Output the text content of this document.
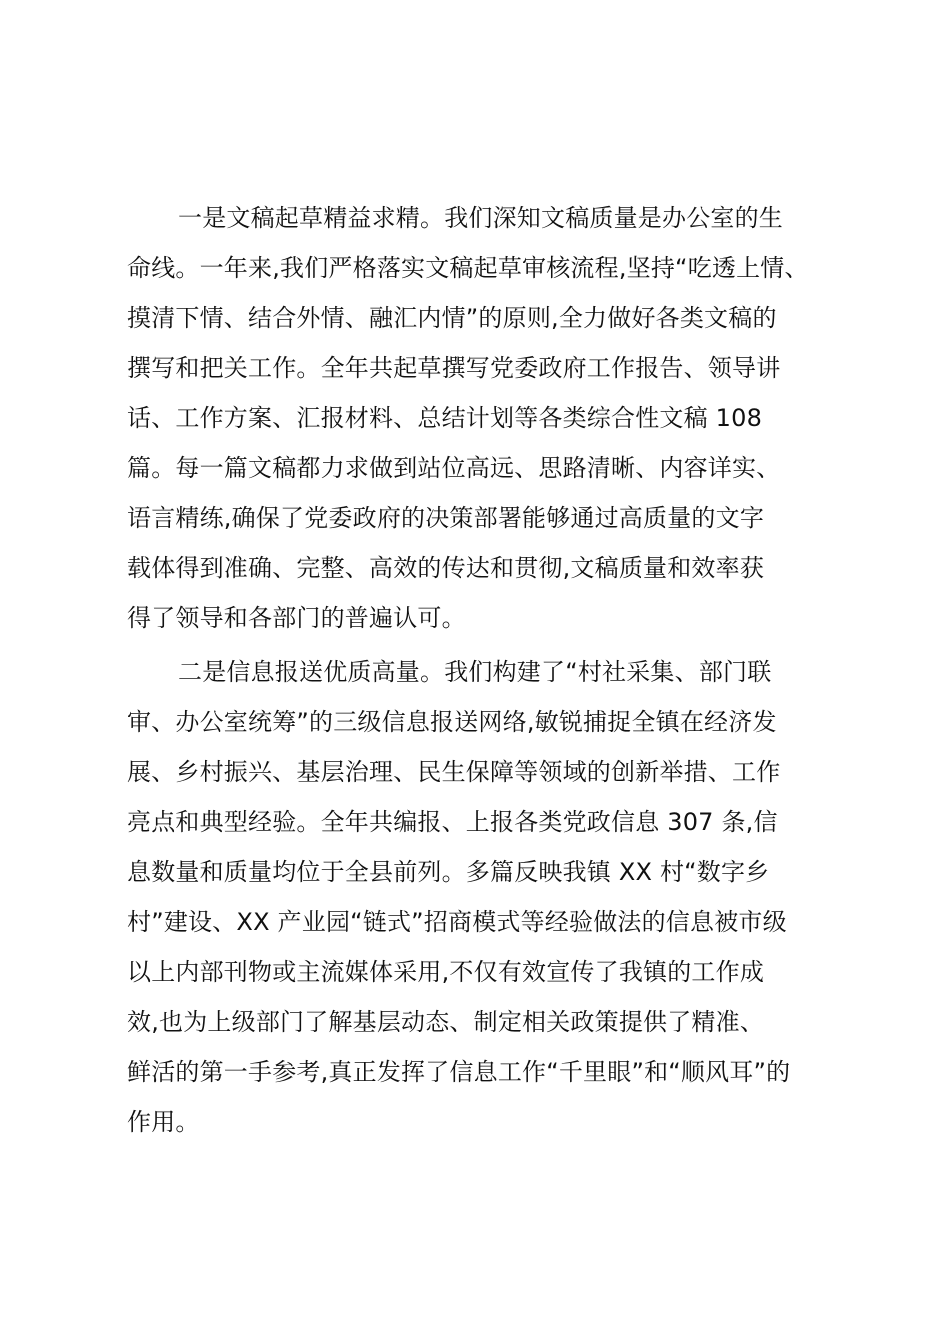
一是文稿起草精益求精。我们深知文稿质量是办公室的生
命线。一年来,我们严格落实文稿起草审核流程,坚持“吃透上情、
摸清下情、结合外情、融汇内情”的原则,全力做好各类文稿的
撰写和把关工作。全年共起草撰写党委政府工作报告、领导讲
话、工作方案、汇报材料、总结计划等各类综合性文稿 108
篇。每一篇文稿都力求做到站位高远、思路清晰、内容详实、
语言精练,确保了党委政府的决策部署能够通过高质量的文字
载体得到准确、完整、高效的传达和贯彻,文稿质量和效率获
得了领导和各部门的普遍认可。
二是信息报送优质高量。我们构建了“村社采集、部门联
审、办公室统筹”的三级信息报送网络,敏锐捕捉全镇在经济发
展、乡村振兴、基层治理、民生保障等领域的创新举措、工作
亮点和典型经验。全年共编报、上报各类党政信息 307 条,信
息数量和质量均位于全县前列。多篇反映我镇 XX 村“数字乡
村”建设、XX 产业园“链式”招商模式等经验做法的信息被市级
以上内部刊物或主流媒体采用,不仅有效宣传了我镇的工作成
效,也为上级部门了解基层动态、制定相关政策提供了精准、
鲜活的第一手参考,真正发挥了信息工作“千里眼”和“顺风耳”的
作用。
